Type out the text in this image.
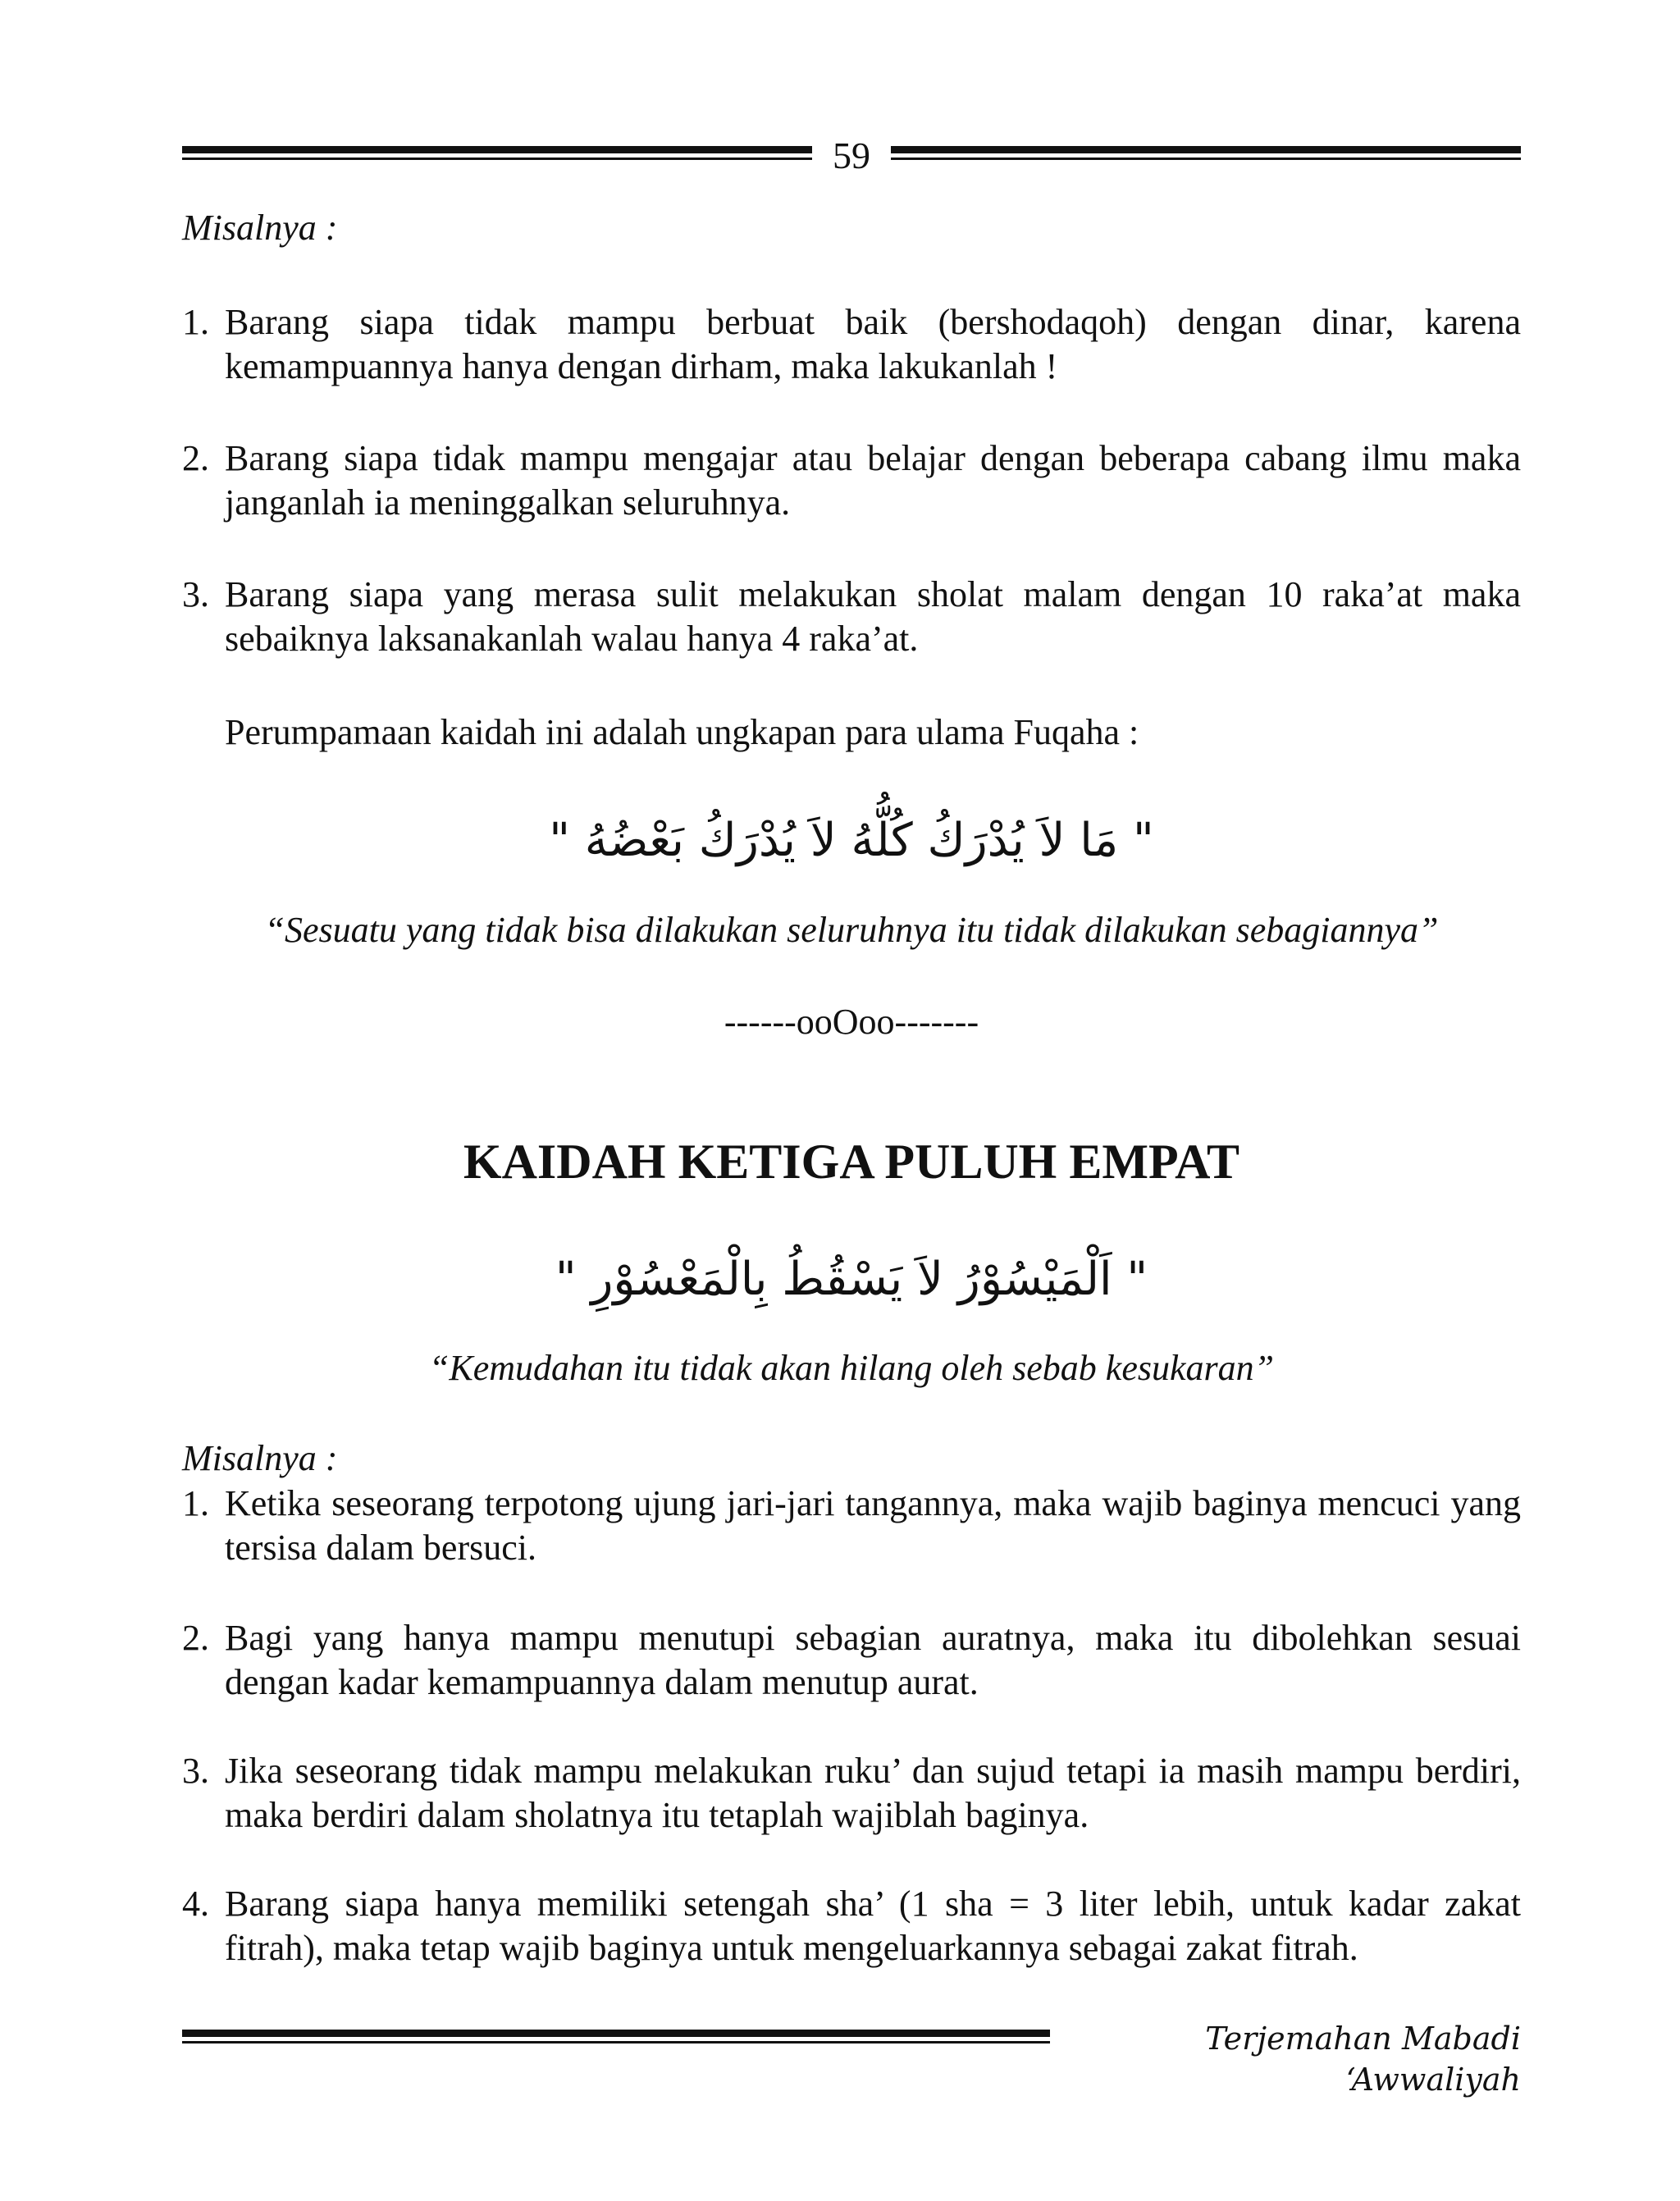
59
Misalnya :
1. Barang siapa tidak mampu berbuat baik (bershodaqoh) dengan dinar, karena kemampuannya hanya dengan dirham, maka lakukanlah !
2. Barang siapa tidak mampu mengajar atau belajar dengan beberapa cabang ilmu maka janganlah ia meninggalkan seluruhnya.
3. Barang siapa yang merasa sulit melakukan sholat malam dengan 10 raka’at maka sebaiknya laksanakanlah walau hanya 4 raka’at.
Perumpamaan kaidah ini adalah ungkapan para ulama Fuqaha :
" مَا لاَ يُدْرَكُ كُلُّهُ لاَ يُدْرَكُ بَعْضُهُ "
“Sesuatu yang tidak bisa dilakukan seluruhnya itu tidak dilakukan sebagiannya”
------ooOoo-------
KAIDAH KETIGA PULUH EMPAT
" اَلْمَيْسُوْرُ لاَ يَسْقُطُ بِالْمَعْسُوْرِ "
“Kemudahan itu tidak akan hilang oleh sebab kesukaran”
Misalnya :
1. Ketika seseorang terpotong ujung jari-jari tangannya, maka wajib baginya mencuci yang tersisa dalam bersuci.
2. Bagi yang hanya mampu menutupi sebagian auratnya, maka itu dibolehkan sesuai dengan kadar kemampuannya dalam menutup aurat.
3. Jika seseorang tidak mampu melakukan ruku’ dan sujud tetapi ia masih mampu berdiri, maka berdiri dalam sholatnya itu tetaplah wajiblah baginya.
4. Barang siapa hanya memiliki setengah sha’ (1 sha = 3 liter lebih, untuk kadar zakat fitrah), maka tetap wajib baginya untuk mengeluarkannya sebagai zakat fitrah.
Terjemahan Mabadi ‘Awwaliyah
